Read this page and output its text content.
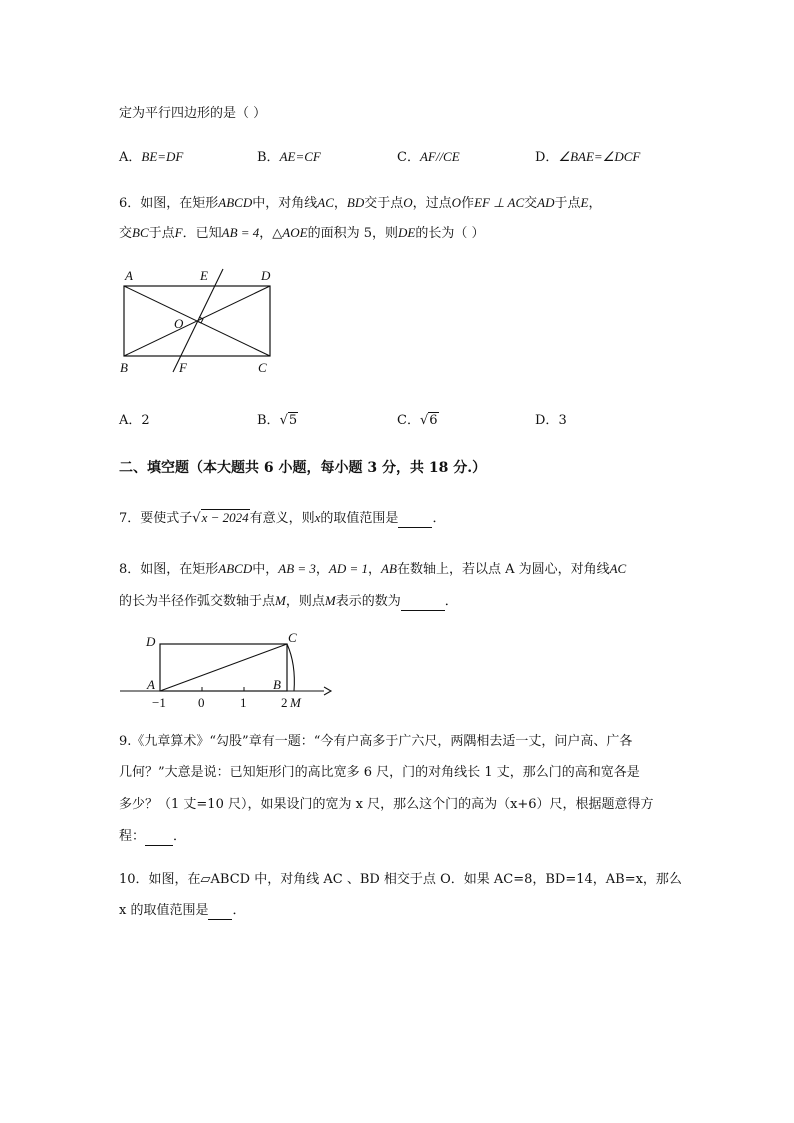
定为平行四边形的是（ ）
A．BE=DF	B．AE=CF	C．AF//CE	D．∠BAE=∠DCF
6．如图，在矩形ABCD中，对角线AC，BD交于点O，过点O作EF ⊥ AC交AD于点E，
交BC于点F．已知AB = 4，△AOE的面积为 5，则DE的长为（ ）
A	E	D
O
B	F	C
A．2	B．√5	C．√6	D．3
二、填空题（本大题共 6 小题，每小题 3 分，共 18 分.）
7．要使式子√x − 2024有意义，则x的取值范围是	．
8．如图，在矩形ABCD中，AB = 3，AD = 1，AB在数轴上，若以点 A 为圆心，对角线AC
的长为半径作弧交数轴于点M，则点M表示的数为	．
D	C
A	B
−1 0	1	2 M
9.《九章算术》“勾股”章有一题：“今有户高多于广六尺，两隅相去适一丈，问户高、广各
几何？”大意是说：已知矩形门的高比宽多 6 尺，门的对角线长 1 丈，那么门的高和宽各是
多少？（1 丈=10 尺），如果设门的宽为 x 尺，那么这个门的高为（x+6）尺，根据题意得方
程： ．
10．如图，在▱ABCD 中，对角线 AC 、BD 相交于点 O．如果 AC=8，BD=14，AB=x，那么
x 的取值范围是 ．
